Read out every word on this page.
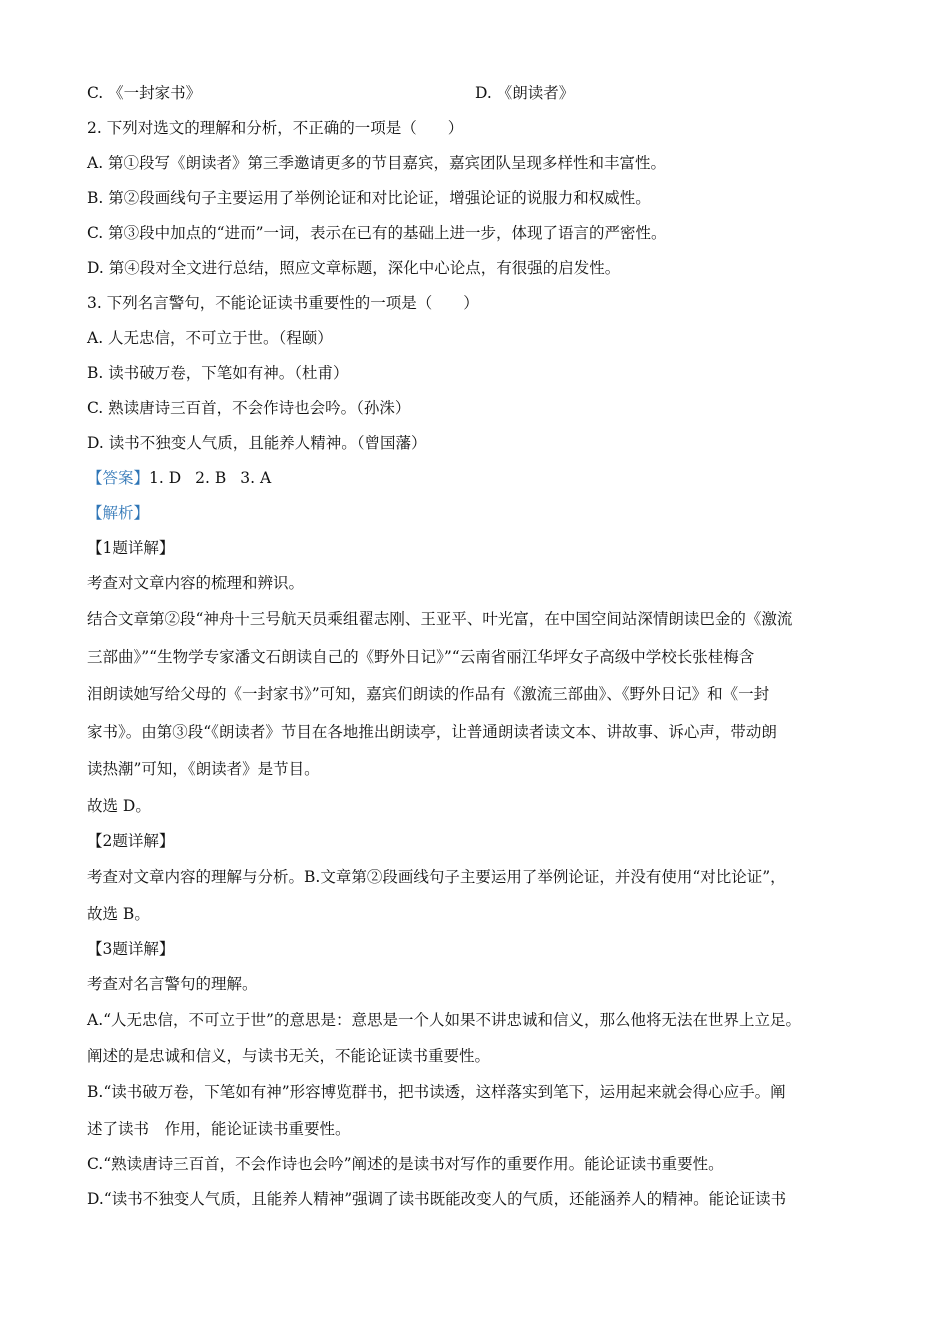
C. 《一封家书》	D. 《朗读者》
2. 下列对选文的理解和分析，不正确的一项是（　　）
A. 第①段写《朗读者》第三季邀请更多的节目嘉宾，嘉宾团队呈现多样性和丰富性。
B. 第②段画线句子主要运用了举例论证和对比论证，增强论证的说服力和权威性。
C. 第③段中加点的“进而”一词，表示在已有的基础上进一步，体现了语言的严密性。
D. 第④段对全文进行总结，照应文章标题，深化中心论点，有很强的启发性。
3. 下列名言警句，不能论证读书重要性的一项是（　　）
A. 人无忠信，不可立于世。（程颐）
B. 读书破万卷，下笔如有神。（杜甫）
C. 熟读唐诗三百首，不会作诗也会吟。（孙洙）
D. 读书不独变人气质，且能养人精神。（曾国藩）
【答案】1. D 2. B 3. A
【解析】
【1题详解】
考查对文章内容的梳理和辨识。
结合文章第②段“神舟十三号航天员乘组翟志刚、王亚平、叶光富，在中国空间站深情朗读巴金的《激流
三部曲》”“生物学专家潘文石朗读自己的《野外日记》”“云南省丽江华坪女子高级中学校长张桂梅含
泪朗读她写给父母的《一封家书》”可知，嘉宾们朗读的作品有《激流三部曲》、《野外日记》和《一封
家书》。由第③段“《朗读者》节目在各地推出朗读亭，让普通朗读者读文本、讲故事、诉心声，带动朗
读热潮”可知，《朗读者》是节目。
故选 D。
【2题详解】
考查对文章内容的理解与分析。B.文章第②段画线句子主要运用了举例论证，并没有使用“对比论证”，
故选 B。
【3题详解】
考查对名言警句的理解。
A.“人无忠信，不可立于世”的意思是：意思是一个人如果不讲忠诚和信义，那么他将无法在世界上立足。
阐述的是忠诚和信义，与读书无关，不能论证读书重要性。
B.“读书破万卷，下笔如有神”形容博览群书，把书读透，这样落实到笔下，运用起来就会得心应手。阐
述了读书　作用，能论证读书重要性。
C.“熟读唐诗三百首，不会作诗也会吟”阐述的是读书对写作的重要作用。能论证读书重要性。
D.“读书不独变人气质，且能养人精神”强调了读书既能改变人的气质，还能涵养人的精神。能论证读书
